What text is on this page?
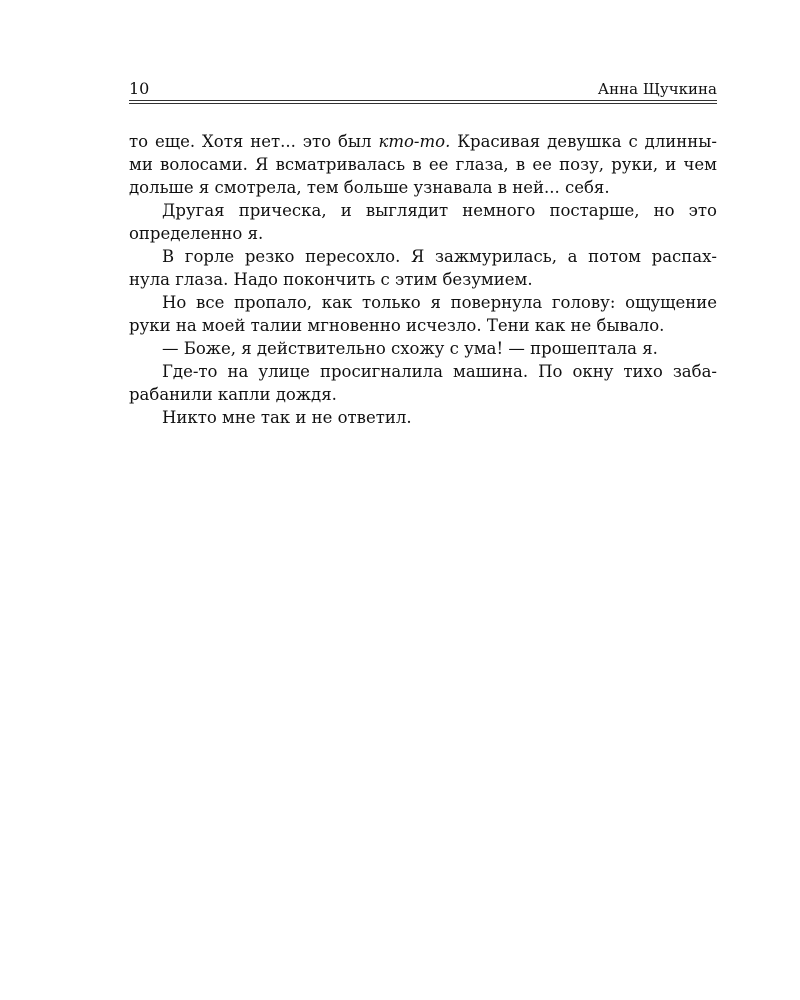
10	Анна Щучкина
то еще. Хотя нет... это был кто-то. Красивая девушка с длинны-
ми волосами. Я всматривалась в ее глаза, в ее позу, руки, и чем
дольше я смотрела, тем больше узнавала в ней... себя.
Другая прическа, и выглядит немного постарше, но это
определенно я.
В горле резко пересохло. Я зажмурилась, а потом распах-
нула глаза. Надо покончить с этим безумием.
Но все пропало, как только я повернула голову: ощущение
руки на моей талии мгновенно исчезло. Тени как не бывало.
— Боже, я действительно схожу с ума! — прошептала я.
Где-то на улице просигналила машина. По окну тихо заба-
рабанили капли дождя.
Никто мне так и не ответил.
